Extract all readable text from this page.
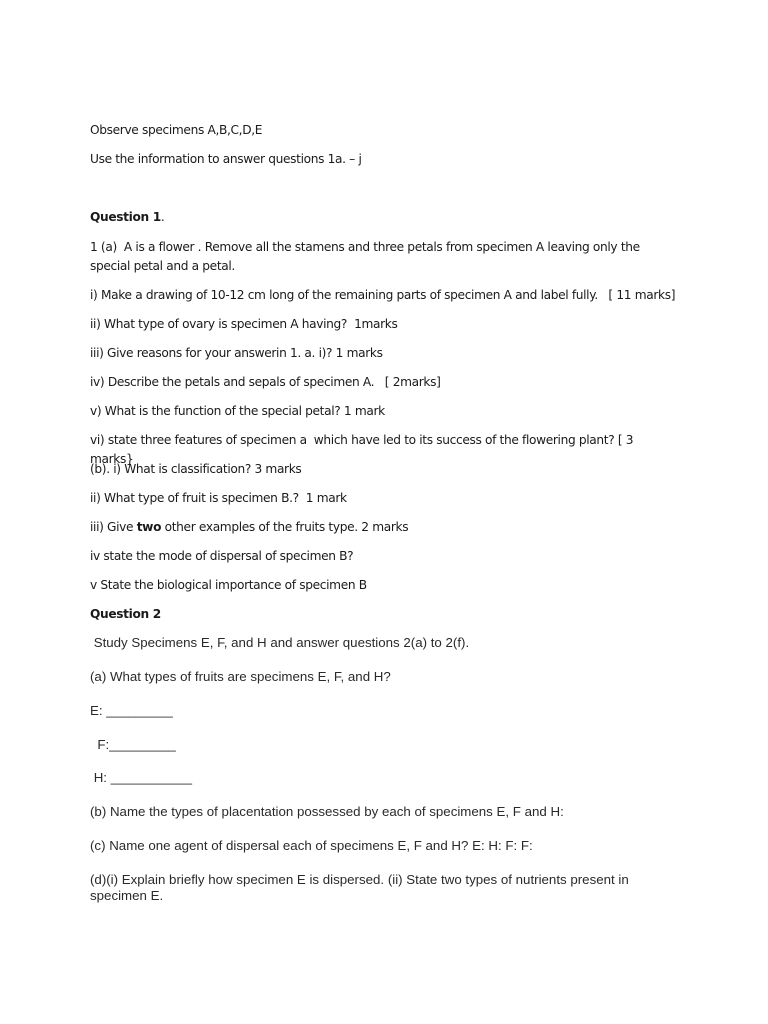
Observe specimens A,B,C,D,E

Use the information to answer questions 1a. – j

Question 1.

1 (a)  A is a flower . Remove all the stamens and three petals from specimen A leaving only the special petal and a petal.

i) Make a drawing of 10-12 cm long of the remaining parts of specimen A and label fully.   [ 11 marks]

ii) What type of ovary is specimen A having?  1marks

iii) Give reasons for your answerin 1. a. i)? 1 marks

iv) Describe the petals and sepals of specimen A.   [ 2marks]

v) What is the function of the special petal? 1 mark

vi) state three features of specimen a  which have led to its success of the flowering plant? [ 3 marks}

(b). i) What is classification? 3 marks

ii) What type of fruit is specimen B.?  1 mark

iii) Give two other examples of the fruits type. 2 marks

iv state the mode of dispersal of specimen B?

v State the biological importance of specimen B

Question 2

Study Specimens E, F, and H and answer questions 2(a) to 2(f).

(a) What types of fruits are specimens E, F, and H?

E: _________

F:_________

H: ___________

(b) Name the types of placentation possessed by each of specimens E, F and H:

(c) Name one agent of dispersal each of specimens E, F and H? E: H: F: F:

(d)(i) Explain briefly how specimen E is dispersed. (ii) State two types of nutrients present in specimen E.
